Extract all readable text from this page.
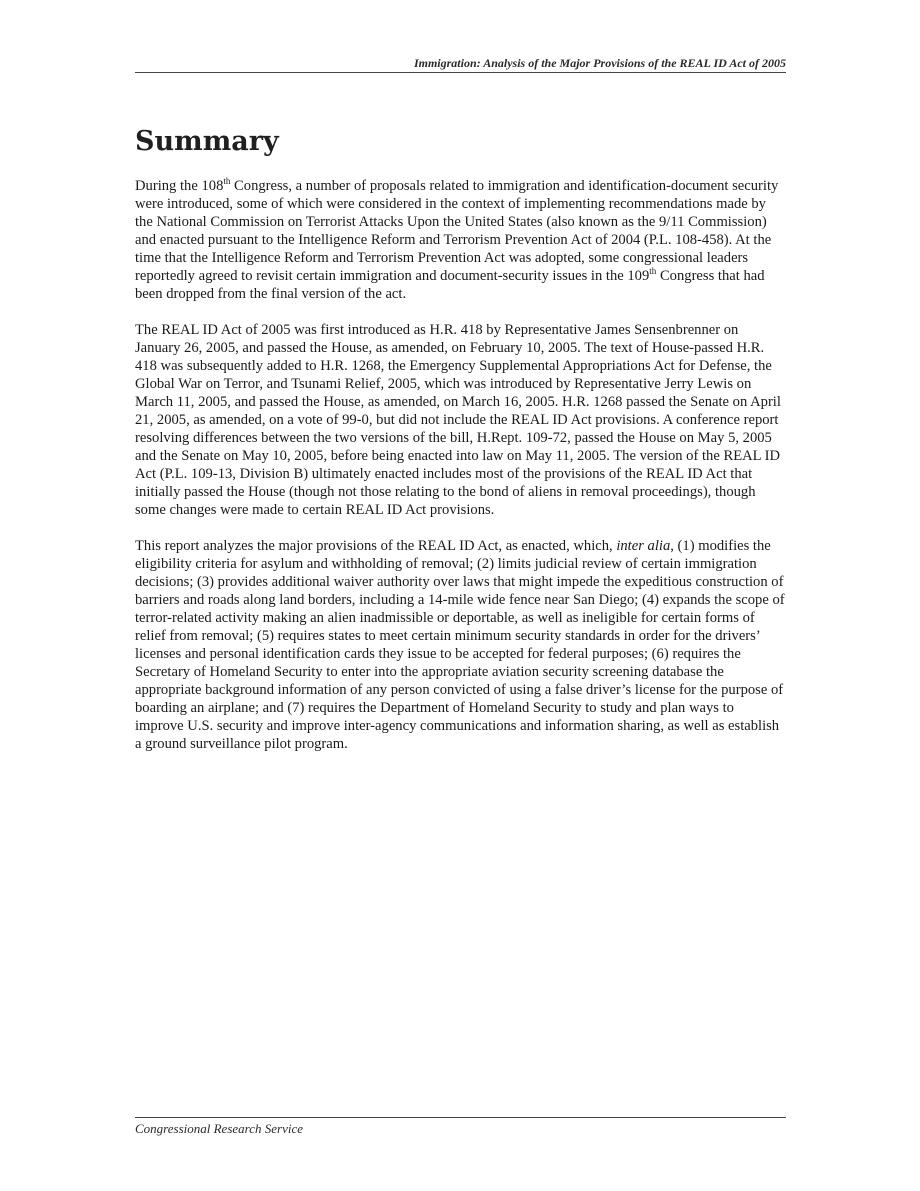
Immigration: Analysis of the Major Provisions of the REAL ID Act of 2005
Summary

During the 108th Congress, a number of proposals related to immigration and identification-document security were introduced, some of which were considered in the context of implementing recommendations made by the National Commission on Terrorist Attacks Upon the United States (also known as the 9/11 Commission) and enacted pursuant to the Intelligence Reform and Terrorism Prevention Act of 2004 (P.L. 108-458). At the time that the Intelligence Reform and Terrorism Prevention Act was adopted, some congressional leaders reportedly agreed to revisit certain immigration and document-security issues in the 109th Congress that had been dropped from the final version of the act.

The REAL ID Act of 2005 was first introduced as H.R. 418 by Representative James Sensenbrenner on January 26, 2005, and passed the House, as amended, on February 10, 2005. The text of House-passed H.R. 418 was subsequently added to H.R. 1268, the Emergency Supplemental Appropriations Act for Defense, the Global War on Terror, and Tsunami Relief, 2005, which was introduced by Representative Jerry Lewis on March 11, 2005, and passed the House, as amended, on March 16, 2005. H.R. 1268 passed the Senate on April 21, 2005, as amended, on a vote of 99-0, but did not include the REAL ID Act provisions. A conference report resolving differences between the two versions of the bill, H.Rept. 109-72, passed the House on May 5, 2005 and the Senate on May 10, 2005, before being enacted into law on May 11, 2005. The version of the REAL ID Act (P.L. 109-13, Division B) ultimately enacted includes most of the provisions of the REAL ID Act that initially passed the House (though not those relating to the bond of aliens in removal proceedings), though some changes were made to certain REAL ID Act provisions.

This report analyzes the major provisions of the REAL ID Act, as enacted, which, inter alia, (1) modifies the eligibility criteria for asylum and withholding of removal; (2) limits judicial review of certain immigration decisions; (3) provides additional waiver authority over laws that might impede the expeditious construction of barriers and roads along land borders, including a 14-mile wide fence near San Diego; (4) expands the scope of terror-related activity making an alien inadmissible or deportable, as well as ineligible for certain forms of relief from removal; (5) requires states to meet certain minimum security standards in order for the drivers’ licenses and personal identification cards they issue to be accepted for federal purposes; (6) requires the Secretary of Homeland Security to enter into the appropriate aviation security screening database the appropriate background information of any person convicted of using a false driver’s license for the purpose of boarding an airplane; and (7) requires the Department of Homeland Security to study and plan ways to improve U.S. security and improve inter-agency communications and information sharing, as well as establish a ground surveillance pilot program.

Congressional Research Service
